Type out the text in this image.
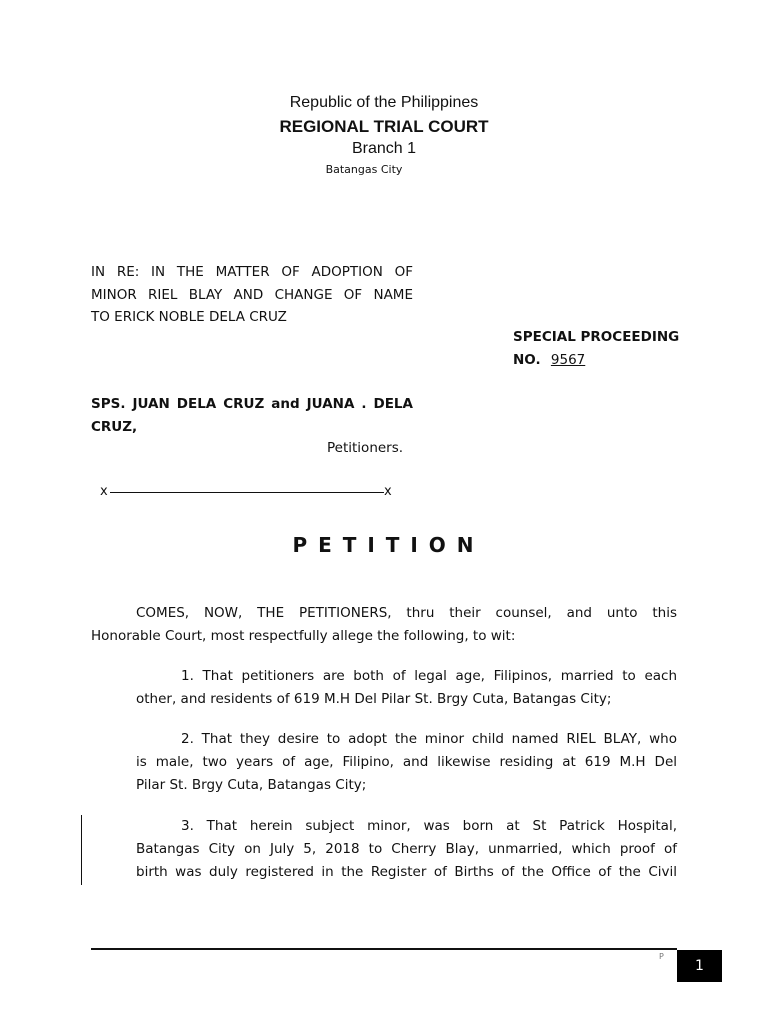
Republic of the Philippines
REGIONAL TRIAL COURT
Branch 1
Batangas City
IN RE: IN THE MATTER OF ADOPTION OF
MINOR RIEL BLAY AND CHANGE OF NAME
TO ERICK NOBLE DELA CRUZ
SPECIAL PROCEEDING
NO. 9567
SPS. JUAN DELA CRUZ and JUANA . DELA
CRUZ,
Petitioners.
x	x
P E T I T I O N
COMES, NOW, THE PETITIONERS, thru their counsel, and unto this
Honorable Court, most respectfully allege the following, to wit:
1. That petitioners are both of legal age, Filipinos, married to each
other, and residents of 619 M.H Del Pilar St. Brgy Cuta, Batangas City;
2. That they desire to adopt the minor child named RIEL BLAY, who
is male, two years of age, Filipino, and likewise residing at 619 M.H Del
Pilar St. Brgy Cuta, Batangas City;
3. That herein subject minor, was born at St Patrick Hospital,
Batangas City on July 5, 2018 to Cherry Blay, unmarried, which proof of
birth was duly registered in the Register of Births of the Office of the Civil
P
1
